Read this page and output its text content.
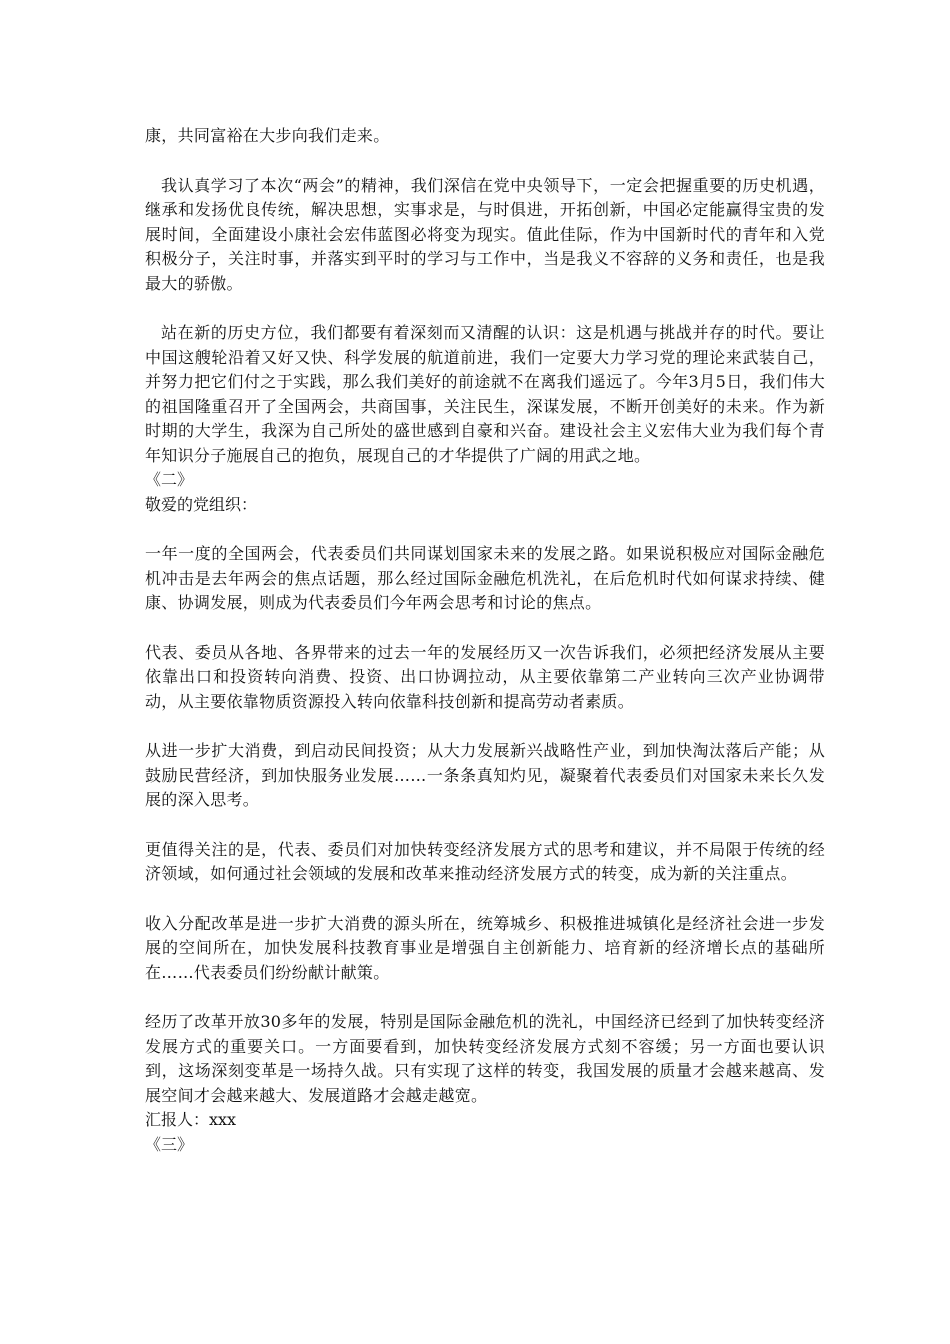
康，共同富裕在大步向我们走来。

我认真学习了本次“两会”的精神，我们深信在党中央领导下，一定会把握重要的历史机遇，继承和发扬优良传统，解决思想，实事求是，与时俱进，开拓创新，中国必定能赢得宝贵的发展时间，全面建设小康社会宏伟蓝图必将变为现实。值此佳际，作为中国新时代的青年和入党积极分子，关注时事，并落实到平时的学习与工作中，当是我义不容辞的义务和责任，也是我最大的骄傲。

站在新的历史方位，我们都要有着深刻而又清醒的认识：这是机遇与挑战并存的时代。要让中国这艘轮沿着又好又快、科学发展的航道前进，我们一定要大力学习党的理论来武装自己，并努力把它们付之于实践，那么我们美好的前途就不在离我们遥远了。今年3月5日，我们伟大的祖国隆重召开了全国两会，共商国事，关注民生，深谋发展，不断开创美好的未来。作为新时期的大学生，我深为自己所处的盛世感到自豪和兴奋。建设社会主义宏伟大业为我们每个青年知识分子施展自己的抱负，展现自己的才华提供了广阔的用武之地。

《二》

敬爱的党组织：

一年一度的全国两会，代表委员们共同谋划国家未来的发展之路。如果说积极应对国际金融危机冲击是去年两会的焦点话题，那么经过国际金融危机洗礼，在后危机时代如何谋求持续、健康、协调发展，则成为代表委员们今年两会思考和讨论的焦点。

代表、委员从各地、各界带来的过去一年的发展经历又一次告诉我们，必须把经济发展从主要依靠出口和投资转向消费、投资、出口协调拉动，从主要依靠第二产业转向三次产业协调带动，从主要依靠物质资源投入转向依靠科技创新和提高劳动者素质。

从进一步扩大消费，到启动民间投资；从大力发展新兴战略性产业，到加快淘汰落后产能；从鼓励民营经济，到加快服务业发展……一条条真知灼见，凝聚着代表委员们对国家未来长久发展的深入思考。

更值得关注的是，代表、委员们对加快转变经济发展方式的思考和建议，并不局限于传统的经济领域，如何通过社会领域的发展和改革来推动经济发展方式的转变，成为新的关注重点。

收入分配改革是进一步扩大消费的源头所在，统筹城乡、积极推进城镇化是经济社会进一步发展的空间所在，加快发展科技教育事业是增强自主创新能力、培育新的经济增长点的基础所在……代表委员们纷纷献计献策。

经历了改革开放30多年的发展，特别是国际金融危机的洗礼，中国经济已经到了加快转变经济发展方式的重要关口。一方面要看到，加快转变经济发展方式刻不容缓；另一方面也要认识到，这场深刻变革是一场持久战。只有实现了这样的转变，我国发展的质量才会越来越高、发展空间才会越来越大、发展道路才会越走越宽。

汇报人：xxx

《三》
